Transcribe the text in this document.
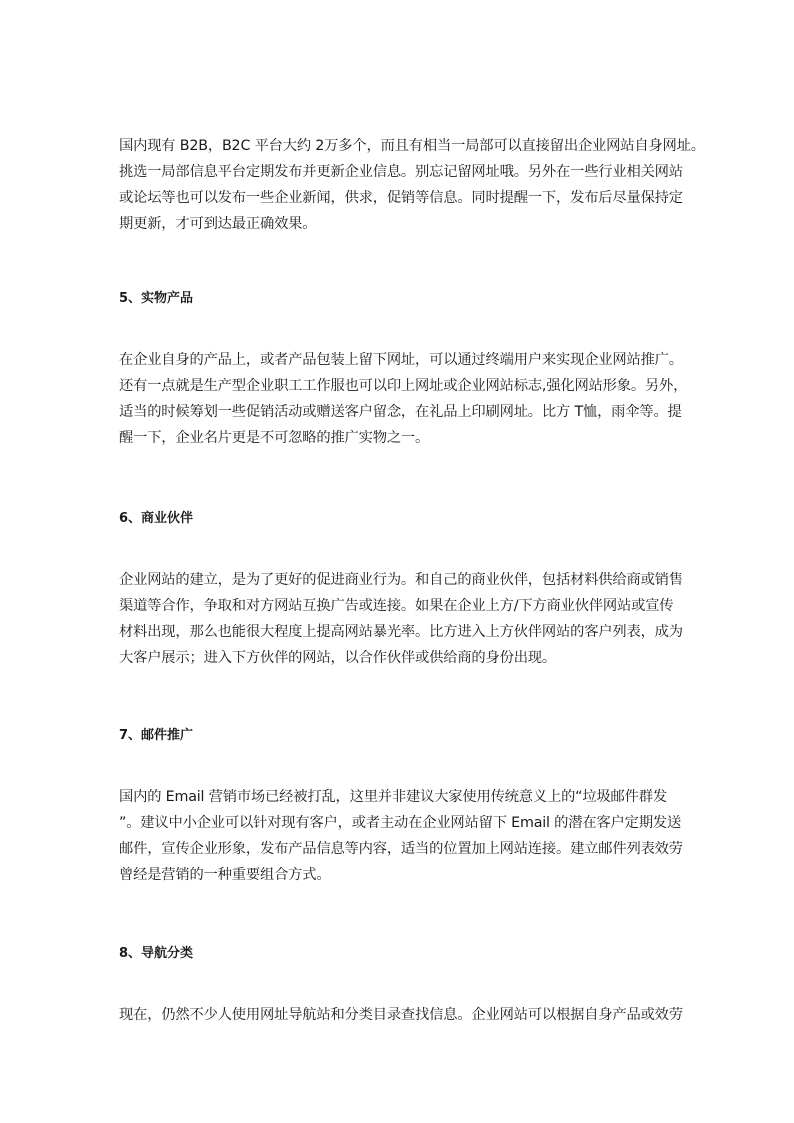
国内现有 B2B，B2C 平台大约 2万多个，而且有相当一局部可以直接留出企业网站自身网址。
挑选一局部信息平台定期发布并更新企业信息。别忘记留网址哦。另外在一些行业相关网站
或论坛等也可以发布一些企业新闻，供求，促销等信息。同时提醒一下，发布后尽量保持定
期更新，才可到达最正确效果。

5、实物产品

在企业自身的产品上，或者产品包装上留下网址，可以通过终端用户来实现企业网站推广。
还有一点就是生产型企业职工工作服也可以印上网址或企业网站标志,强化网站形象。另外，
适当的时候筹划一些促销活动或赠送客户留念，在礼品上印刷网址。比方 T恤，雨伞等。提
醒一下，企业名片更是不可忽略的推广实物之一。

6、商业伙伴

企业网站的建立，是为了更好的促进商业行为。和自己的商业伙伴，包括材料供给商或销售
渠道等合作，争取和对方网站互换广告或连接。如果在企业上方/下方商业伙伴网站或宣传
材料出现，那么也能很大程度上提高网站暴光率。比方进入上方伙伴网站的客户列表，成为
大客户展示；进入下方伙伴的网站，以合作伙伴或供给商的身份出现。

7、邮件推广

国内的 Email 营销市场已经被打乱，这里并非建议大家使用传统意义上的“垃圾邮件群发
”。建议中小企业可以针对现有客户，或者主动在企业网站留下 Email 的潜在客户定期发送
邮件，宣传企业形象，发布产品信息等内容，适当的位置加上网站连接。建立邮件列表效劳
曾经是营销的一种重要组合方式。

8、导航分类

现在，仍然不少人使用网址导航站和分类目录查找信息。企业网站可以根据自身产品或效劳
